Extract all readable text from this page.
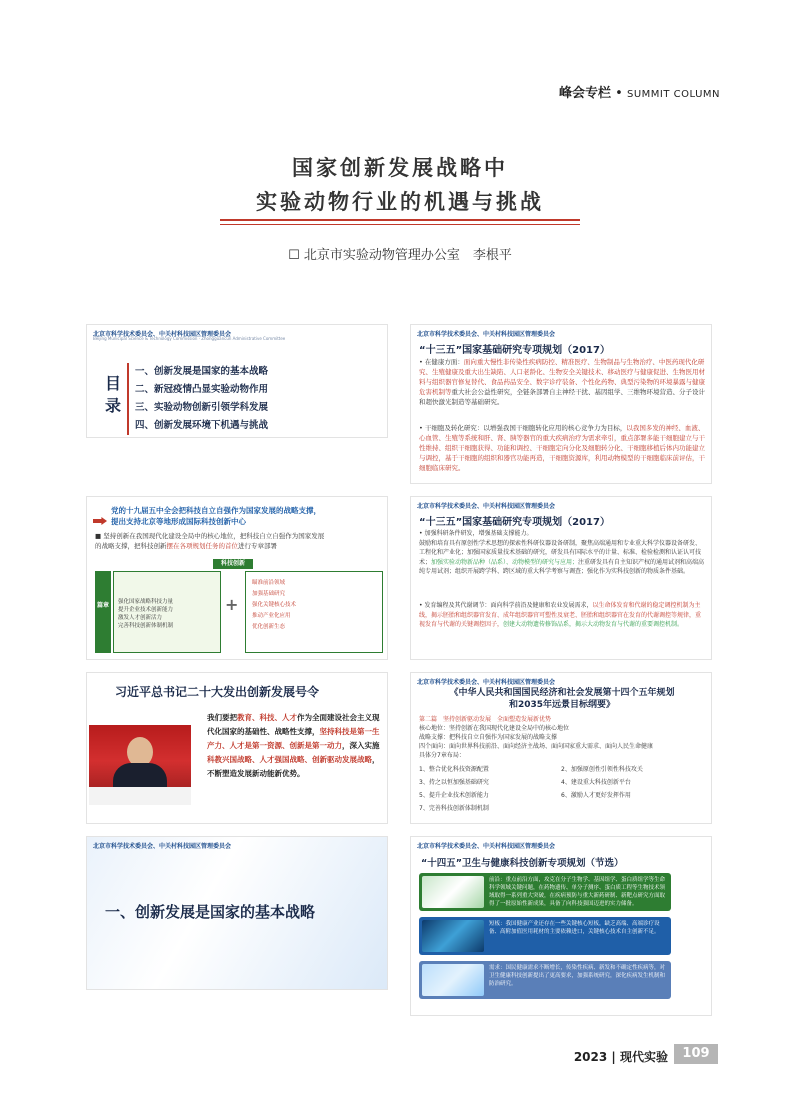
峰会专栏 • SUMMIT COLUMN
国家创新发展战略中
实验动物行业的机遇与挑战
☐ 北京市实验动物管理办公室　李根平
北京市科学技术委员会、中关村科技园区管理委员会
Beijing Municipal Science & Technology Commission · Zhongguancun Administrative Committee
目录
一、创新发展是国家的基本战略
二、新冠疫情凸显实验动物作用
三、实验动物创新引领学科发展
四、创新发展环境下机遇与挑战
北京市科学技术委员会、中关村科技园区管理委员会
“十三五”国家基础研究专项规划（2017）
• 在健康方面：面向重大慢性非传染性疾病防控、精准医疗、生物制品与生物治疗、中医药现代化研究、生殖健康及重大出生缺陷、人口老龄化、生物安全关键技术、移动医疗与健康促进、生物医用材料与组织器官修复替代、食品药品安全、数字诊疗装备、个性化药物、典型污染物的环境暴露与健康危害机制等重大社会公益性研究，全链条部署自主神经干扰、基因组学、三维物环境营造、分子设计和超快激光制造等基础研究。
• 干细胞及转化研究：以增强我国干细胞转化应用的核心竞争力为目标，以我国多发的神经、血液、心血管、生殖等系统和肝、肾、胰等器官的重大疾病治疗为需求牵引，重点部署多能干细胞建立与干性维持、组织干细胞获得、功能和调控、干细胞定向分化及细胞转分化、干细胞移植后体内功能建立与调控，基于干细胞的组织和器官功能再造，干细胞资源库，利用动物模型的干细胞临床前评估，干细胞临床研究。
党的十九届五中全会把科技自立自强作为国家发展的战略支撑，
提出支持北京等地形成国际科技创新中心
■ 坚持创新在我国现代化建设全局中的核心地位，把科技自立自强作为国家发展
的战略支撑，把科技创新摆在各项规划任务的首位进行专章部署
科技创新
篇章 强化国家战略科技力量
提升企业技术创新能力
激发人才创新活力
完善科技创新体制机制
+
瞄准前沿领域
加强基础研究
强化关键核心技术
推动产业化应用
优化创新生态
习近平总书记二十大发出创新发展号令
我们要把教育、科技、人才作为全面建设社会主义现代化国家的基础性、战略性支撑，坚持科技是第一生产力、人才是第一资源、创新是第一动力，深入实施科教兴国战略、人才强国战略、创新驱动发展战略，不断塑造发展新动能新优势。
北京市科学技术委员会、中关村科技园区管理委员会
一、创新发展是国家的基本战略
北京市科学技术委员会、中关村科技园区管理委员会
“十三五”国家基础研究专项规划（2017）
• 加强科研条件研发，增强基础支撑能力。
鼓励和培育具有原创性学术思想的探索性科研仪器设备研制，聚焦高端通用和专业重大科学仪器设备研发、工程化和产业化；加强国家质量技术基础的研究，研发具有国际水平的计量、标准、检验检测和认证认可技术；加强实验动物新品种（品系）、动物模型的研究与应用；注重研发具有自主知识产权的通用试剂和高端高纯专用试剂；组织开展跨学科、跨区域的重大科学考察与调查；强化作为实科技创新的物质条件基础。
• 发育编程及其代谢调节：面向科学前沿及健康和农业发展需求，以生命体发育和代谢的稳定调控机制为主线，揭示胚胎和组织器官发育、成年组织器官可塑性及衰老、胚胎和组织器官在发育的代谢调控等规律，重视发育与代谢的关键调控因子，创建大动物遗传修饰品系，揭示大动物发育与代谢的重要调控机制。
北京市科学技术委员会、中关村科技园区管理委员会
《中华人民共和国国民经济和社会发展第十四个五年规划
和2035年远景目标纲要》
第二篇　坚持创新驱动发展　全面塑造发展新优势
核心地位：坚持创新在我国现代化建设全局中的核心地位
战略支撑：把科技自立自强作为国家发展的战略支撑
四个面向：面向世界科技前沿、面向经济主战场、面向国家重大需求、面向人民生命健康
具体分7章布局：
1、整合优化科技资源配置
3、持之以恒加强基础研究
5、提升企业技术创新能力
7、完善科技创新体制机制
2、加强原创性引领性科技攻关
4、建设重大科技创新平台
6、激励人才更好发挥作用
北京市科学技术委员会、中关村科技园区管理委员会
“十四五”卫生与健康科技创新专项规划（节选）
前沿：重点前沿方面，攻克在分子生物学、基因组学、蛋白质组学等生命科学领域关键问题，在药物遗传、单分子测序、蛋白质工程等生物技术领域取得一系列重大突破，在疾病预防与重大新药研制、新靶点研究方面取得了一批原始性新成果，具备了向科技强国迈进的实力储备。
短板：我国健康产业还存在一些关键核心短板，缺乏高端、高端诊疗设备、高附加值医用耗材的主要依赖进口，关键核心技术自主创新不足。
需求：国民健康需求不断增长，传染性疾病、新发和不确定性疾病等，对卫生健康科技创新提出了更高要求，加强系统研究，深化疾病发生机制和防治研究。
2023 | 现代实验	109
